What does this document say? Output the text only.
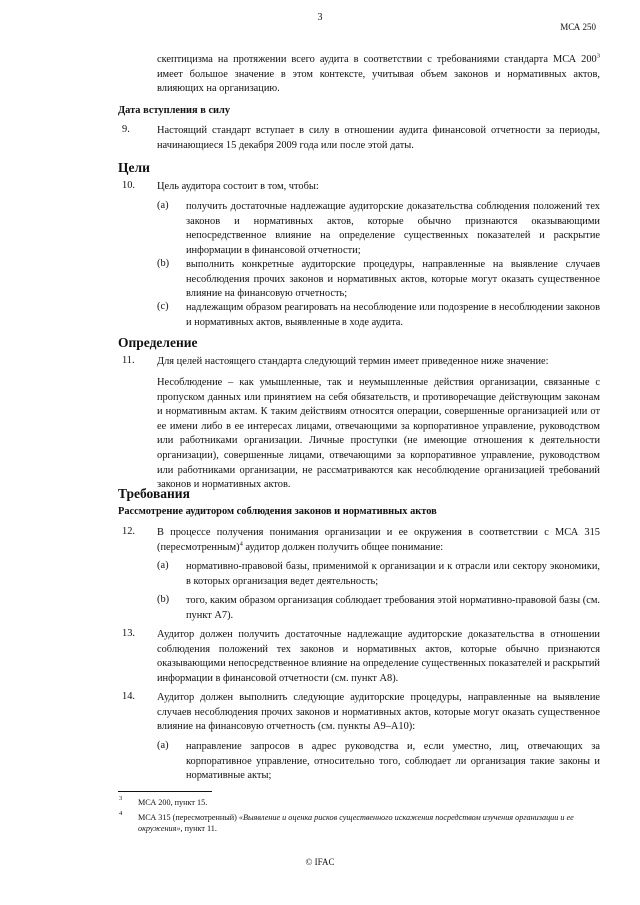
3
МСА 250

скептицизма на протяжении всего аудита в соответствии с требованиями стандарта МСА $200^3$ имеет большое значение в этом контексте, учитывая объем законов и нормативных актов, влияющих на организацию.

Дата вступления в силу
9.	Настоящий стандарт вступает в силу в отношении аудита финансовой отчетности за периоды, начинающиеся 15 декабря 2009 года или после этой даты.

Цели
10.	Цель аудитора состоит в том, чтобы:

(a) получить достаточные надлежащие аудиторские доказательства соблюдения положений тех законов и нормативных актов, которые обычно признаются оказывающими непосредственное влияние на определение существенных показателей и раскрытие информации в финансовой отчетности;

(b) выполнить конкретные аудиторские процедуры, направленные на выявление случаев несоблюдения прочих законов и нормативных актов, которые могут оказать существенное влияние на финансовую отчетность;

(c) надлежащим образом реагировать на несоблюдение или подозрение в несоблюдении законов и нормативных актов, выявленные в ходе аудита.

Определение
11.	Для целей настоящего стандарта следующий термин имеет приведенное ниже значение:

Несоблюдение – как умышленные, так и неумышленные действия организации, связанные с пропуском данных или принятием на себя обязательств, и противоречащие действующим законам и нормативным актам. К таким действиям относятся операции, совершенные организацией или от ее имени либо в ее интересах лицами, отвечающими за корпоративное управление, руководством или работниками организации. Личные проступки (не имеющие отношения к деятельности организации), совершенные лицами, отвечающими за корпоративное управление, руководством или работниками организации, не рассматриваются как несоблюдение организацией требований законов и нормативных актов.

Требования
Рассмотрение аудитором соблюдения законов и нормативных актов
12.	В процессе получения понимания организации и ее окружения в соответствии с МСА 315 (пересмотренным)$^4$ аудитор должен получить общее понимание:

(a) нормативно-правовой базы, применимой к организации и к отрасли или сектору экономики, в которых организация ведет деятельность;

(b) того, каким образом организация соблюдает требования этой нормативно-правовой базы (см. пункт А7).

13.	Аудитор должен получить достаточные надлежащие аудиторские доказательства в отношении соблюдения положений тех законов и нормативных актов, которые обычно признаются оказывающими непосредственное влияние на определение существенных показателей и раскрытий информации в финансовой отчетности (см. пункт А8).

14.	Аудитор должен выполнить следующие аудиторские процедуры, направленные на выявление случаев несоблюдения прочих законов и нормативных актов, которые могут оказать существенное влияние на финансовую отчетность (см. пункты А9–А10):

(a) направление запросов в адрес руководства и, если уместно, лиц, отвечающих за корпоративное управление, относительно того, соблюдает ли организация такие законы и нормативные акты;

3 МСА 200, пункт 15.
4 МСА 315 (пересмотренный) «Выявление и оценка рисков существенного искажения посредством изучения организации и ее окружения», пункт 11.
© IFAC
